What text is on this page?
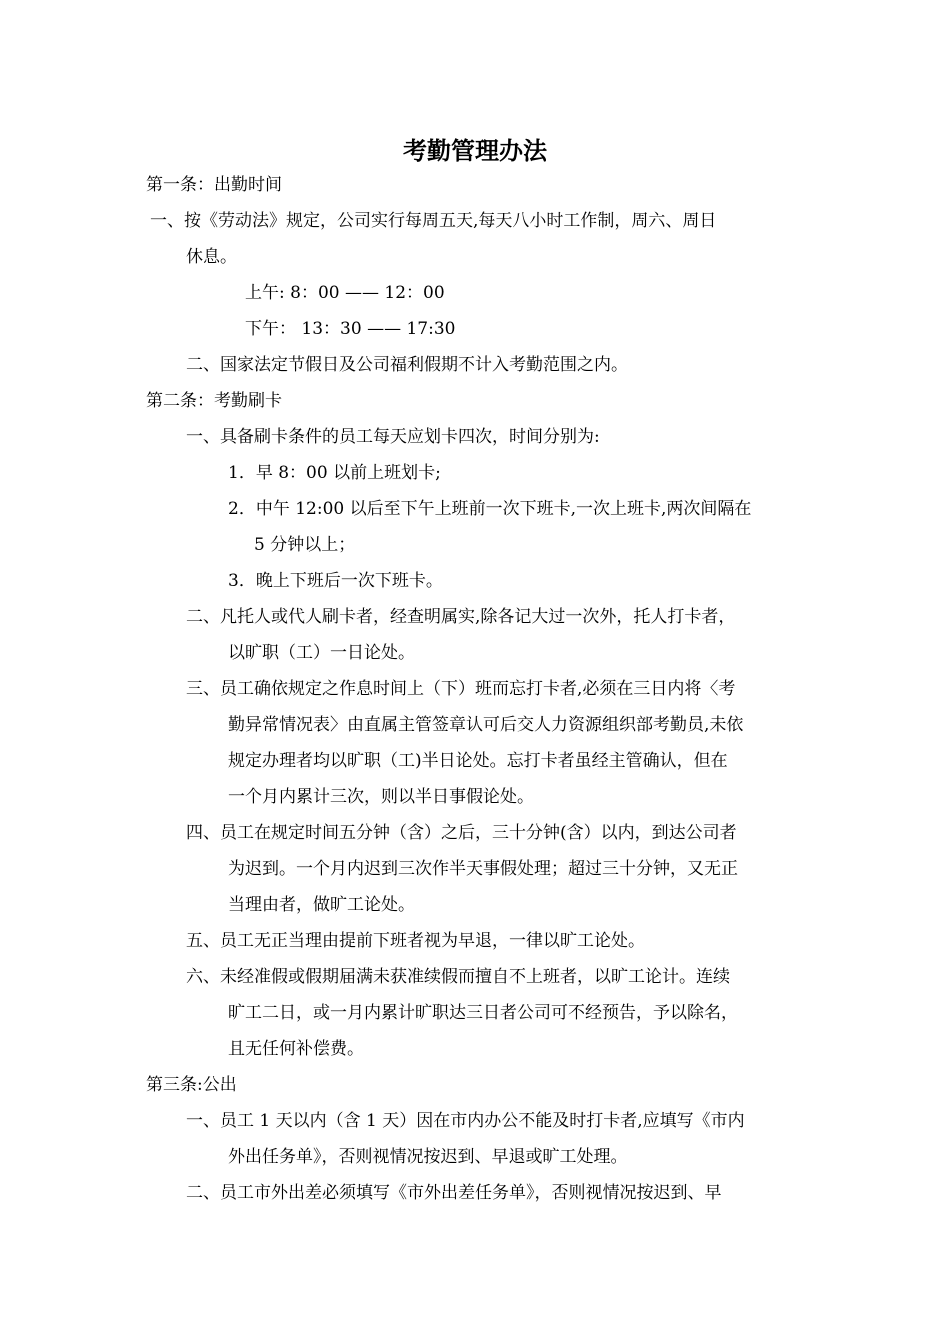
考勤管理办法
第一条：出勤时间
一、按《劳动法》规定，公司实行每周五天,每天八小时工作制，周六、周日
休息。
上午: 8：00 —— 12：00
下午： 13：30 —— 17:30
二、国家法定节假日及公司福利假期不计入考勤范围之内。
第二条：考勤刷卡
一、具备刷卡条件的员工每天应划卡四次，时间分别为:
1．早 8：00 以前上班划卡;
2．中午 12:00 以后至下午上班前一次下班卡,一次上班卡,两次间隔在
5 分钟以上；
3．晚上下班后一次下班卡。
二、凡托人或代人刷卡者，经查明属实,除各记大过一次外，托人打卡者，
以旷职（工）一日论处。
三、员工确依规定之作息时间上（下）班而忘打卡者,必须在三日内将〈考
勤异常情况表〉由直属主管签章认可后交人力资源组织部考勤员,未依
规定办理者均以旷职（工)半日论处。忘打卡者虽经主管确认，但在
一个月内累计三次，则以半日事假论处。
四、员工在规定时间五分钟（含）之后，三十分钟(含）以内，到达公司者
为迟到。一个月内迟到三次作半天事假处理；超过三十分钟，又无正
当理由者，做旷工论处。
五、员工无正当理由提前下班者视为早退，一律以旷工论处。
六、未经准假或假期届满未获准续假而擅自不上班者，以旷工论计。连续
旷工二日，或一月内累计旷职达三日者公司可不经预告，予以除名，
且无任何补偿费。
第三条:公出
一、员工 1 天以内（含 1 天）因在市内办公不能及时打卡者,应填写《市内
外出任务单》，否则视情况按迟到、早退或旷工处理。
二、员工市外出差必须填写《市外出差任务单》，否则视情况按迟到、早
